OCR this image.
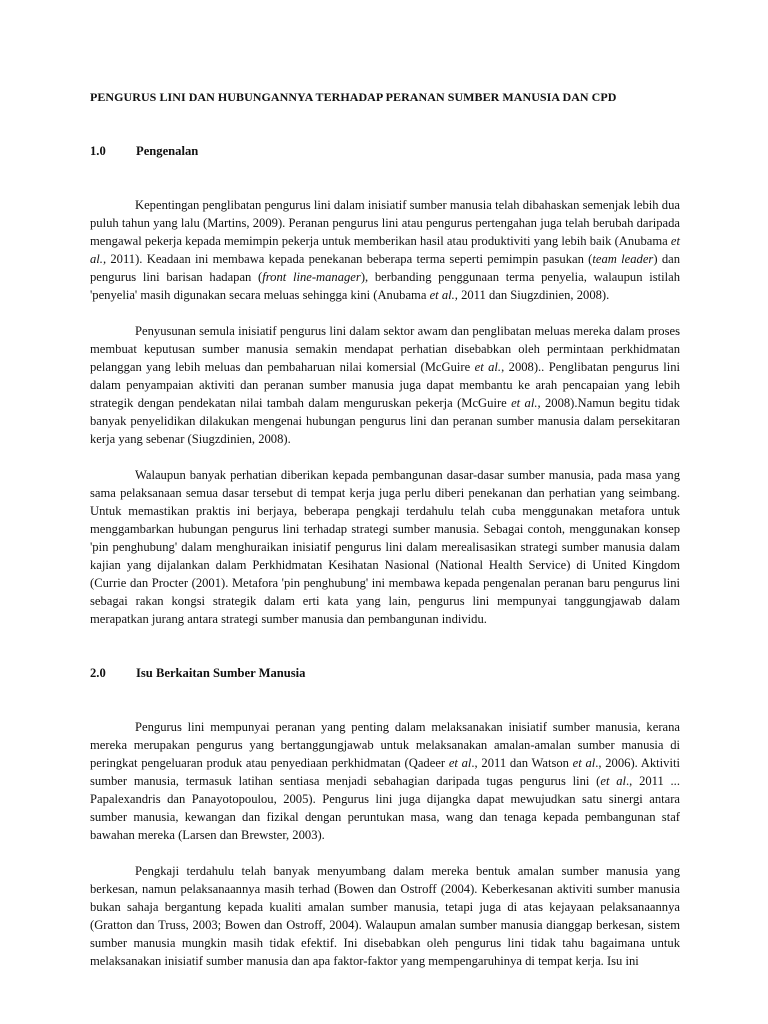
PENGURUS LINI DAN HUBUNGANNYA TERHADAP PERANAN SUMBER MANUSIA DAN CPD
1.0	Pengenalan

Kepentingan penglibatan pengurus lini dalam inisiatif sumber manusia telah dibahaskan semenjak lebih dua puluh tahun yang lalu (Martins, 2009). Peranan pengurus lini atau pengurus pertengahan juga telah berubah daripada mengawal pekerja kepada memimpin pekerja untuk memberikan hasil atau produktiviti yang lebih baik (Anubama et al., 2011). Keadaan ini membawa kepada penekanan beberapa terma seperti pemimpin pasukan (team leader) dan pengurus lini barisan hadapan (front line-manager), berbanding penggunaan terma penyelia, walaupun istilah 'penyelia' masih digunakan secara meluas sehingga kini (Anubama et al., 2011 dan Siugzdinien, 2008).

Penyusunan semula inisiatif pengurus lini dalam sektor awam dan penglibatan meluas mereka dalam proses membuat keputusan sumber manusia semakin mendapat perhatian disebabkan oleh permintaan perkhidmatan pelanggan yang lebih meluas dan pembaharuan nilai komersial (McGuire et al., 2008).. Penglibatan pengurus lini dalam penyampaian aktiviti dan peranan sumber manusia juga dapat membantu ke arah pencapaian yang lebih strategik dengan pendekatan nilai tambah dalam menguruskan pekerja (McGuire et al., 2008).Namun begitu tidak banyak penyelidikan dilakukan mengenai hubungan pengurus lini dan peranan sumber manusia dalam persekitaran kerja yang sebenar (Siugzdinien, 2008).

Walaupun banyak perhatian diberikan kepada pembangunan dasar-dasar sumber manusia, pada masa yang sama pelaksanaan semua dasar tersebut di tempat kerja juga perlu diberi penekanan dan perhatian yang seimbang. Untuk memastikan praktis ini berjaya, beberapa pengkaji terdahulu telah cuba menggunakan metafora untuk menggambarkan hubungan pengurus lini terhadap strategi sumber manusia. Sebagai contoh, menggunakan konsep 'pin penghubung' dalam menghuraikan inisiatif pengurus lini dalam merealisasikan strategi sumber manusia dalam kajian yang dijalankan dalam Perkhidmatan Kesihatan Nasional (National Health Service) di United Kingdom (Currie dan Procter (2001). Metafora 'pin penghubung' ini membawa kepada pengenalan peranan baru pengurus lini sebagai rakan kongsi strategik dalam erti kata yang lain, pengurus lini mempunyai tanggungjawab dalam merapatkan jurang antara strategi sumber manusia dan pembangunan individu.

2.0	Isu Berkaitan Sumber Manusia

Pengurus lini mempunyai peranan yang penting dalam melaksanakan inisiatif sumber manusia, kerana mereka merupakan pengurus yang bertanggungjawab untuk melaksanakan amalan-amalan sumber manusia di peringkat pengeluaran produk atau penyediaan perkhidmatan (Qadeer et al., 2011 dan Watson et al., 2006). Aktiviti sumber manusia, termasuk latihan sentiasa menjadi sebahagian daripada tugas pengurus lini (et al., 2011 ... Papalexandris dan Panayotopoulou, 2005). Pengurus lini juga dijangka dapat mewujudkan satu sinergi antara sumber manusia, kewangan dan fizikal dengan peruntukan masa, wang dan tenaga kepada pembangunan staf bawahan mereka (Larsen dan Brewster, 2003).

Pengkaji terdahulu telah banyak menyumbang dalam mereka bentuk amalan sumber manusia yang berkesan, namun pelaksanaannya masih terhad (Bowen dan Ostroff (2004). Keberkesanan aktiviti sumber manusia bukan sahaja bergantung kepada kualiti amalan sumber manusia, tetapi juga di atas kejayaan pelaksanaannya (Gratton dan Truss, 2003; Bowen dan Ostroff, 2004). Walaupun amalan sumber manusia dianggap berkesan, sistem sumber manusia mungkin masih tidak efektif. Ini disebabkan oleh pengurus lini tidak tahu bagaimana untuk melaksanakan inisiatif sumber manusia dan apa faktor-faktor yang mempengaruhinya di tempat kerja. Isu ini
